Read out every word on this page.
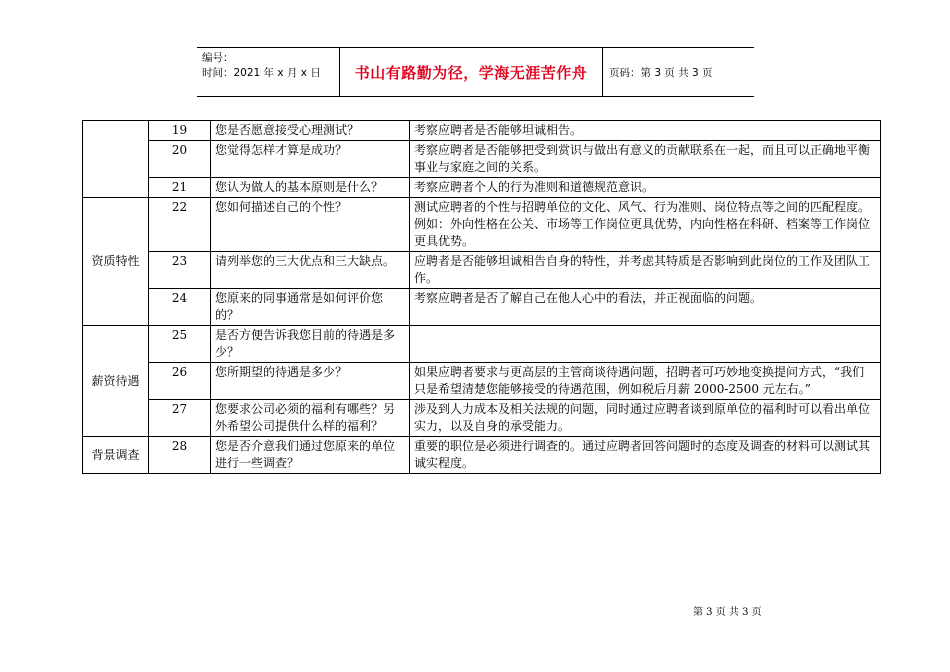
编号：
时间：2021 年 x 月 x 日	书山有路勤为径，学海无涯苦作舟	页码：第 3 页 共 3 页
	19	您是否愿意接受心理测试？	考察应聘者是否能够坦诚相告。
	20	您觉得怎样才算是成功？	考察应聘者是否能够把受到赏识与做出有意义的贡献联系在一起，而且可以正确地平衡事业与家庭之间的关系。
	21	您认为做人的基本原则是什么？	考察应聘者个人的行为准则和道德规范意识。
资质特性	22	您如何描述自己的个性？	测试应聘者的个性与招聘单位的文化、风气、行为准则、岗位特点等之间的匹配程度。例如：外向性格在公关、市场等工作岗位更具优势，内向性格在科研、档案等工作岗位更具优势。
	23	请列举您的三大优点和三大缺点。	应聘者是否能够坦诚相告自身的特性，并考虑其特质是否影响到此岗位的工作及团队工作。
	24	您原来的同事通常是如何评价您的？	考察应聘者是否了解自己在他人心中的看法，并正视面临的问题。
薪资待遇	25	是否方便告诉我您目前的待遇是多少？	
	26	您所期望的待遇是多少？	如果应聘者要求与更高层的主管商谈待遇问题，招聘者可巧妙地变换提问方式，“我们只是希望清楚您能够接受的待遇范围，例如税后月薪 2000-2500 元左右。”
	27	您要求公司必须的福利有哪些？另外希望公司提供什么样的福利？	涉及到人力成本及相关法规的问题，同时通过应聘者谈到原单位的福利时可以看出单位实力，以及自身的承受能力。
背景调查	28	您是否介意我们通过您原来的单位进行一些调查？	重要的职位是必须进行调查的。通过应聘者回答问题时的态度及调查的材料可以测试其诚实程度。
第 3 页 共 3 页
